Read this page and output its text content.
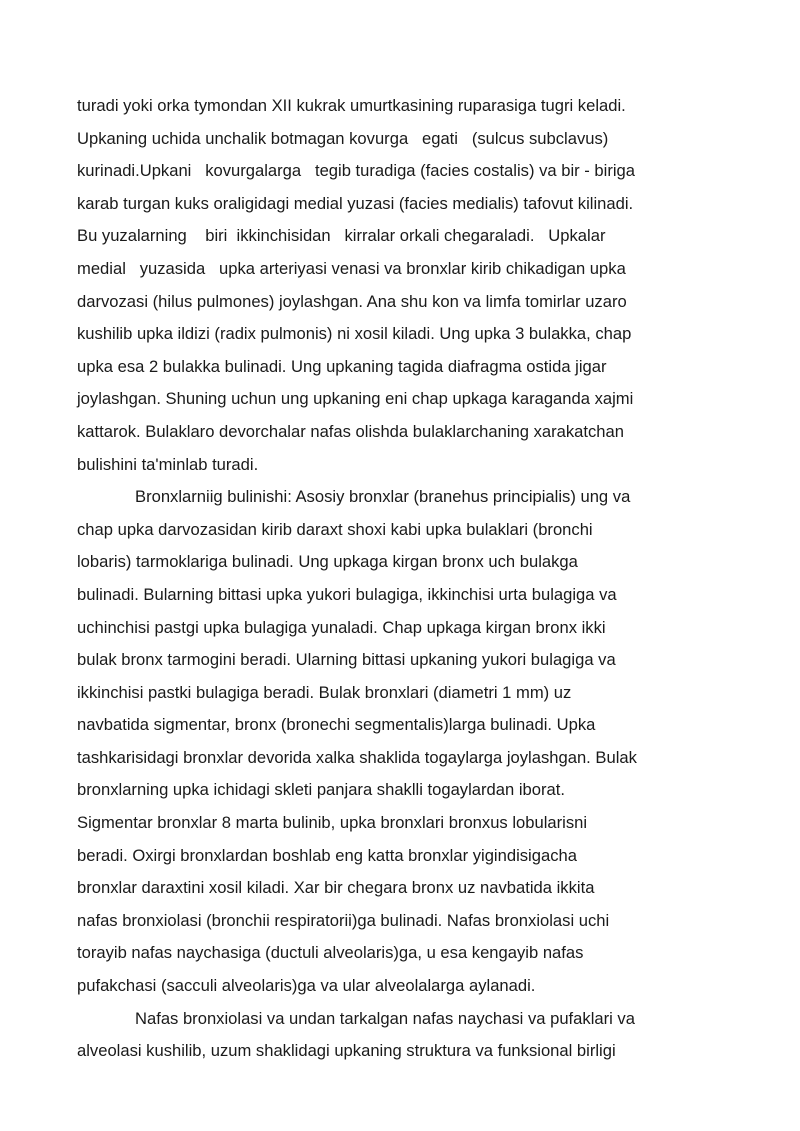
turadi yoki orka tymondan XII kukrak umurtkasining ruparasiga tugri keladi.
Upkaning uchida unchalik botmagan kovurga   egati   (sulcus subclavus)
kurinadi.Upkani   kovurgalarga   tegib turadiga (facies costalis) va bir - biriga
karab turgan kuks oraligidagi medial yuzasi (facies medialis) tafovut kilinadi.
Bu yuzalarning    biri  ikkinchisidan   kirralar orkali chegaraladi.   Upkalar
medial   yuzasida   upka arteriyasi venasi va bronxlar kirib chikadigan upka
darvozasi (hilus pulmones) joylashgan. Ana shu kon va limfa tomirlar uzaro
kushilib upka ildizi (radix pulmonis) ni xosil kiladi. Ung upka 3 bulakka, chap
upka esa 2 bulakka bulinadi. Ung upkaning tagida diafragma ostida jigar
joylashgan. Shuning uchun ung upkaning eni chap upkaga karaganda xajmi
kattarok. Bulaklaro devorchalar nafas olishda bulaklarchaning xarakatchan
bulishini ta'minlab turadi.
Bronxlarniig bulinishi: Asosiy bronxlar (branehus principialis) ung va
chap upka darvozasidan kirib daraxt shoxi kabi upka bulaklari (bronchi
lobaris) tarmoklariga bulinadi. Ung upkaga kirgan bronx uch bulakga
bulinadi. Bularning bittasi upka yukori bulagiga, ikkinchisi urta bulagiga va
uchinchisi pastgi upka bulagiga yunaladi. Chap upkaga kirgan bronx ikki
bulak bronx tarmogini beradi. Ularning bittasi upkaning yukori bulagiga va
ikkinchisi pastki bulagiga beradi. Bulak bronxlari (diametri 1 mm) uz
navbatida sigmentar, bronx (bronechi segmentalis)larga bulinadi. Upka
tashkarisidagi bronxlar devorida xalka shaklida togaylarga joylashgan. Bulak
bronxlarning upka ichidagi skleti panjara shaklli togaylardan iborat.
Sigmentar bronxlar 8 marta bulinib, upka bronxlari bronxus lobularisni
beradi. Oxirgi bronxlardan boshlab eng katta bronxlar yigindisigacha
bronxlar daraxtini xosil kiladi. Xar bir chegara bronx uz navbatida ikkita
nafas bronxiolasi (bronchii respiratorii)ga bulinadi. Nafas bronxiolasi uchi
torayib nafas naychasiga (ductuli alveolaris)ga, u esa kengayib nafas
pufakchasi (sacculi alveolaris)ga va ular alveolalarga aylanadi.
Nafas bronxiolasi va undan tarkalgan nafas naychasi va pufaklari va
alveolasi kushilib, uzum shaklidagi upkaning struktura va funksional birligi
